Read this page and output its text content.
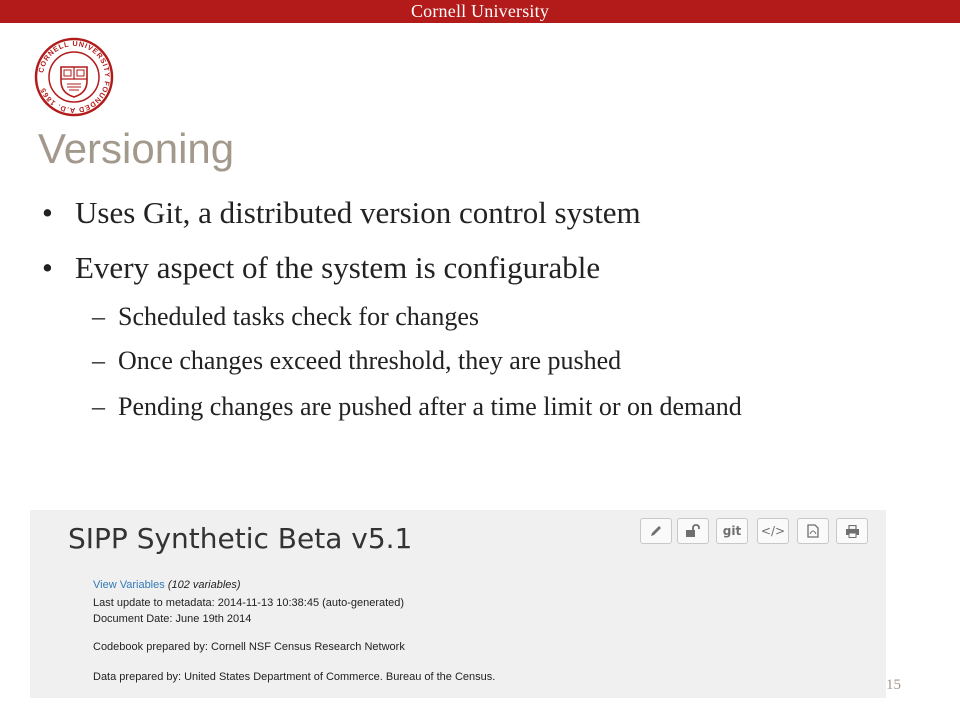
Cornell University
CORNELL UNIVERSITY FOUNDED A.D. 1865
Versioning
• Uses Git, a distributed version control system
• Every aspect of the system is configurable
– Scheduled tasks check for changes
– Once changes exceed threshold, they are pushed
– Pending changes are pushed after a time limit or on demand
SIPP Synthetic Beta v5.1	git </>
View Variables (102 variables)
Last update to metadata: 2014-11-13 10:38:45 (auto-generated)
Document Date: June 19th 2014
Codebook prepared by: Cornell NSF Census Research Network
Data prepared by: United States Department of Commerce. Bureau of the Census.	15
